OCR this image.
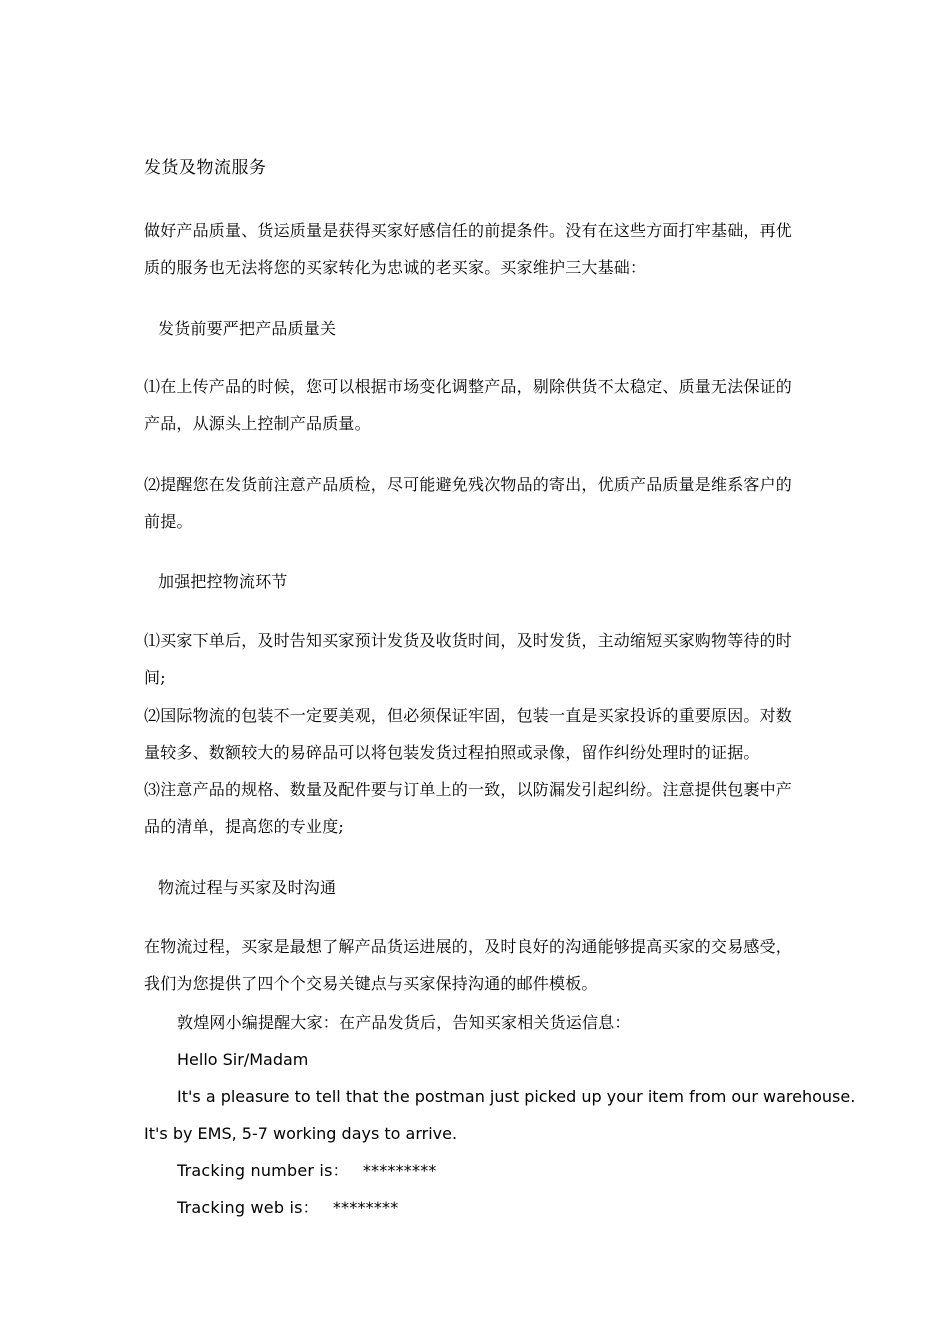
发货及物流服务
做好产品质量、货运质量是获得买家好感信任的前提条件。没有在这些方面打牢基础，再优
质的服务也无法将您的买家转化为忠诚的老买家。买家维护三大基础：
发货前要严把产品质量关
⑴在上传产品的时候，您可以根据市场变化调整产品，剔除供货不太稳定、质量无法保证的
产品，从源头上控制产品质量。
⑵提醒您在发货前注意产品质检，尽可能避免残次物品的寄出，优质产品质量是维系客户的
前提。
加强把控物流环节
⑴买家下单后，及时告知买家预计发货及收货时间，及时发货，主动缩短买家购物等待的时
间;
⑵国际物流的包装不一定要美观，但必须保证牢固，包装一直是买家投诉的重要原因。对数
量较多、数额较大的易碎品可以将包装发货过程拍照或录像，留作纠纷处理时的证据。
⑶注意产品的规格、数量及配件要与订单上的一致，以防漏发引起纠纷。注意提供包裹中产
品的清单，提高您的专业度;
物流过程与买家及时沟通
在物流过程，买家是最想了解产品货运进展的，及时良好的沟通能够提高买家的交易感受，
我们为您提供了四个个交易关键点与买家保持沟通的邮件模板。
敦煌网小编提醒大家：在产品发货后，告知买家相关货运信息：
Hello Sir/Madam
It's a pleasure to tell that the postman just picked up your item from our warehouse.
It's by EMS, 5-7 working days to arrive.
Tracking number is： *********
Tracking web is： ********
